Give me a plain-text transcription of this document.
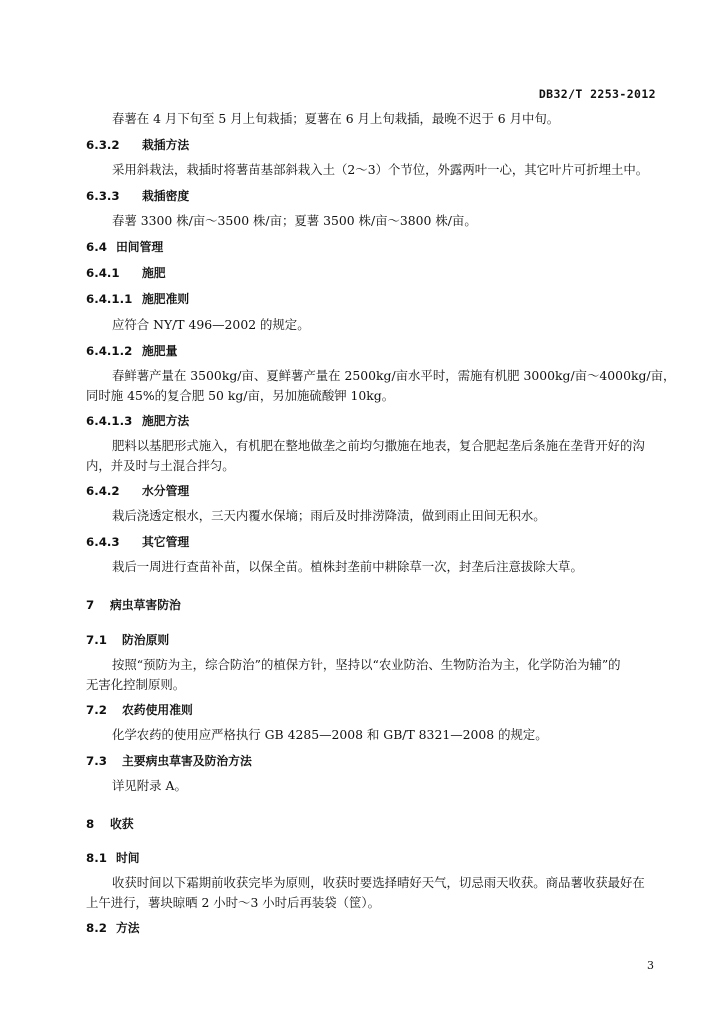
DB32/T 2253-2012
春薯在 4 月下旬至 5 月上旬栽插；夏薯在 6 月上旬栽插，最晚不迟于 6 月中旬。
6.3.2 栽插方法
采用斜栽法，栽插时将薯苗基部斜栽入土（2～3）个节位，外露两叶一心，其它叶片可折埋土中。
6.3.3 栽插密度
春薯 3300 株/亩～3500 株/亩；夏薯 3500 株/亩～3800 株/亩。
6.4 田间管理
6.4.1 施肥
6.4.1.1 施肥准则
应符合 NY/T 496—2002 的规定。
6.4.1.2 施肥量
春鲜薯产量在 3500kg/亩、夏鲜薯产量在 2500kg/亩水平时，需施有机肥 3000kg/亩～4000kg/亩，
同时施 45%的复合肥 50 kg/亩，另加施硫酸钾 10kg。
6.4.1.3 施肥方法
肥料以基肥形式施入，有机肥在整地做垄之前均匀撒施在地表，复合肥起垄后条施在垄背开好的沟
内，并及时与土混合拌匀。
6.4.2 水分管理
栽后浇透定根水，三天内覆水保墒；雨后及时排涝降渍，做到雨止田间无积水。
6.4.3 其它管理
栽后一周进行查苗补苗，以保全苗。植株封垄前中耕除草一次，封垄后注意拔除大草。
7 病虫草害防治
7.1 防治原则
按照“预防为主，综合防治”的植保方针，坚持以“农业防治、生物防治为主，化学防治为辅”的
无害化控制原则。
7.2 农药使用准则
化学农药的使用应严格执行 GB 4285—2008 和 GB/T 8321—2008 的规定。
7.3 主要病虫草害及防治方法
详见附录 A。
8 收获
8.1 时间
收获时间以下霜期前收获完毕为原则，收获时要选择晴好天气，切忌雨天收获。商品薯收获最好在
上午进行，薯块晾晒 2 小时～3 小时后再装袋（筐）。
8.2 方法
3
